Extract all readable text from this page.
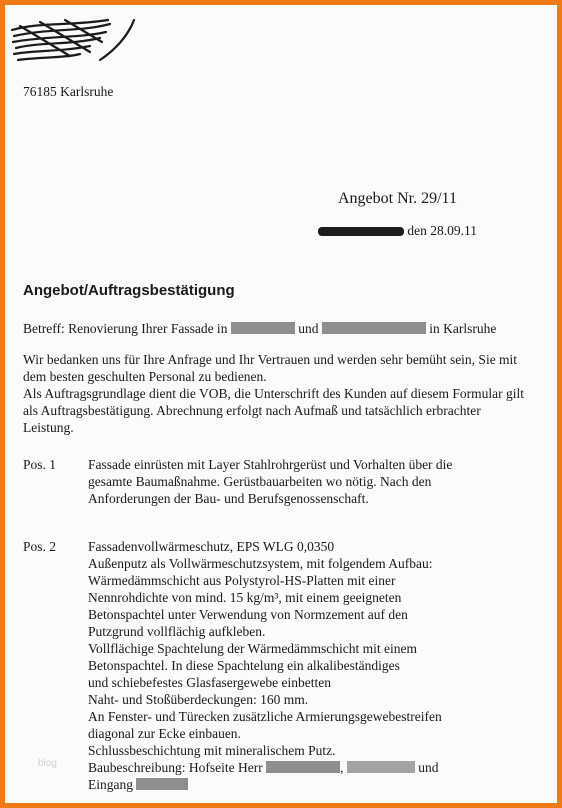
76185 Karlsruhe
Angebot Nr. 29/11
den 28.09.11
Angebot/Auftragsbestätigung
Betreff: Renovierung Ihrer Fassade in	und	in Karlsruhe
Wir bedanken uns für Ihre Anfrage und Ihr Vertrauen und werden sehr bemüht sein, Sie mit
dem besten geschulten Personal zu bedienen.
Als Auftragsgrundlage dient die VOB, die Unterschrift des Kunden auf diesem Formular gilt
als Auftragsbestätigung. Abrechnung erfolgt nach Aufmaß und tatsächlich erbrachter
Leistung.
Pos. 1 Fassade einrüsten mit Layer Stahlrohrgerüst und Vorhalten über die
gesamte Baumaßnahme. Gerüstbauarbeiten wo nötig. Nach den
Anforderungen der Bau- und Berufsgenossenschaft.
Pos. 2 Fassadenvollwärmeschutz, EPS WLG 0,0350
Außenputz als Vollwärmeschutzsystem, mit folgendem Aufbau:
Wärmedämmschicht aus Polystyrol-HS-Platten mit einer
Nennrohdichte von mind. 15 kg/m³, mit einem geeigneten
Betonspachtel unter Verwendung von Normzement auf den
Putzgrund vollflächig aufkleben.
Vollflächige Spachtelung der Wärmedämmschicht mit einem
Betonspachtel. In diese Spachtelung ein alkalibeständiges
und schiebefestes Glasfasergewebe einbetten
Naht- und Stoßüberdeckungen: 160 mm.
An Fenster- und Türecken zusätzliche Armierungsgewebestreifen
diagonal zur Ecke einbauen.
Schlussbeschichtung mit mineralischem Putz.
Baubeschreibung: Hofseite Herr	,	und
Eingang
blog
